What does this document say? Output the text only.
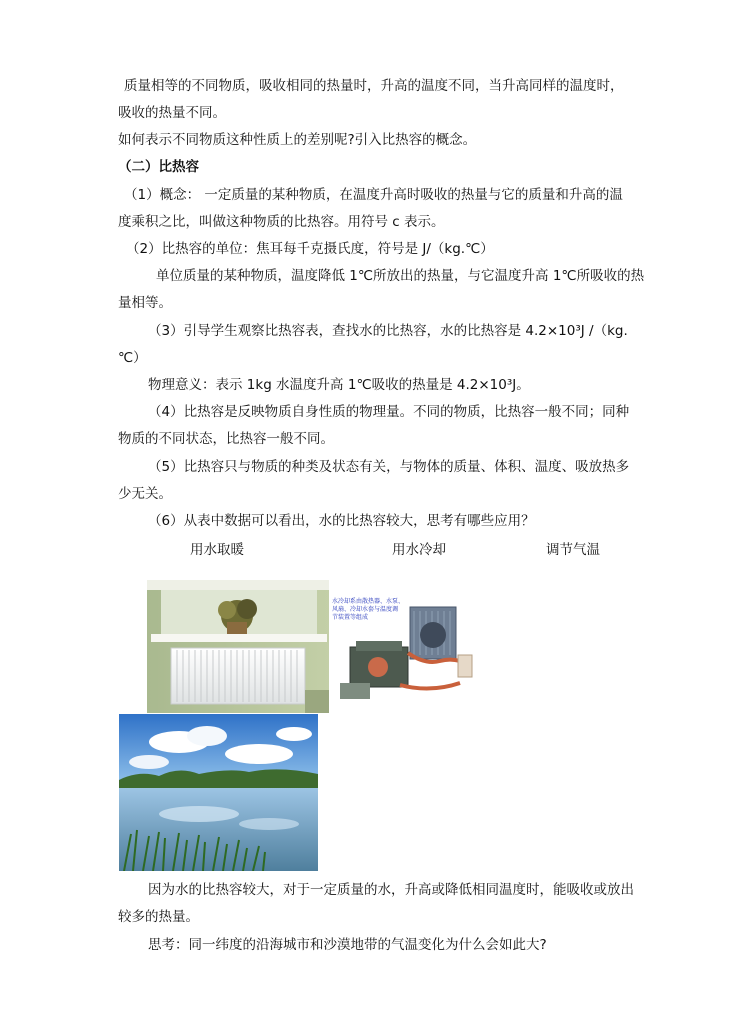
质量相等的不同物质，吸收相同的热量时，升高的温度不同，当升高同样的温度时，
吸收的热量不同。
如何表示不同物质这种性质上的差别呢?引入比热容的概念。
（二）比热容
（1）概念： 一定质量的某种物质，在温度升高时吸收的热量与它的质量和升高的温
度乘积之比，叫做这种物质的比热容。用符号 c 表示。
（2）比热容的单位：焦耳每千克摄氏度，符号是 J/（kg.℃）
单位质量的某种物质，温度降低 1℃所放出的热量，与它温度升高 1℃所吸收的热
量相等。
（3）引导学生观察比热容表，查找水的比热容，水的比热容是 4.2×10³J /（kg.
℃）
物理意义：表示 1kg 水温度升高 1℃吸收的热量是 4.2×10³J。
（4）比热容是反映物质自身性质的物理量。不同的物质，比热容一般不同；同种
物质的不同状态，比热容一般不同。
（5）比热容只与物质的种类及状态有关，与物体的质量、体积、温度、吸放热多
少无关。
（6）从表中数据可以看出，水的比热容较大，思考有哪些应用？
用水取暖	用水冷却	调节气温
水冷却系由散热器、水泵、
风扇、冷却水套与温度调
节装置等组成
因为水的比热容较大，对于一定质量的水，升高或降低相同温度时，能吸收或放出
较多的热量。
思考：同一纬度的沿海城市和沙漠地带的气温变化为什么会如此大?
